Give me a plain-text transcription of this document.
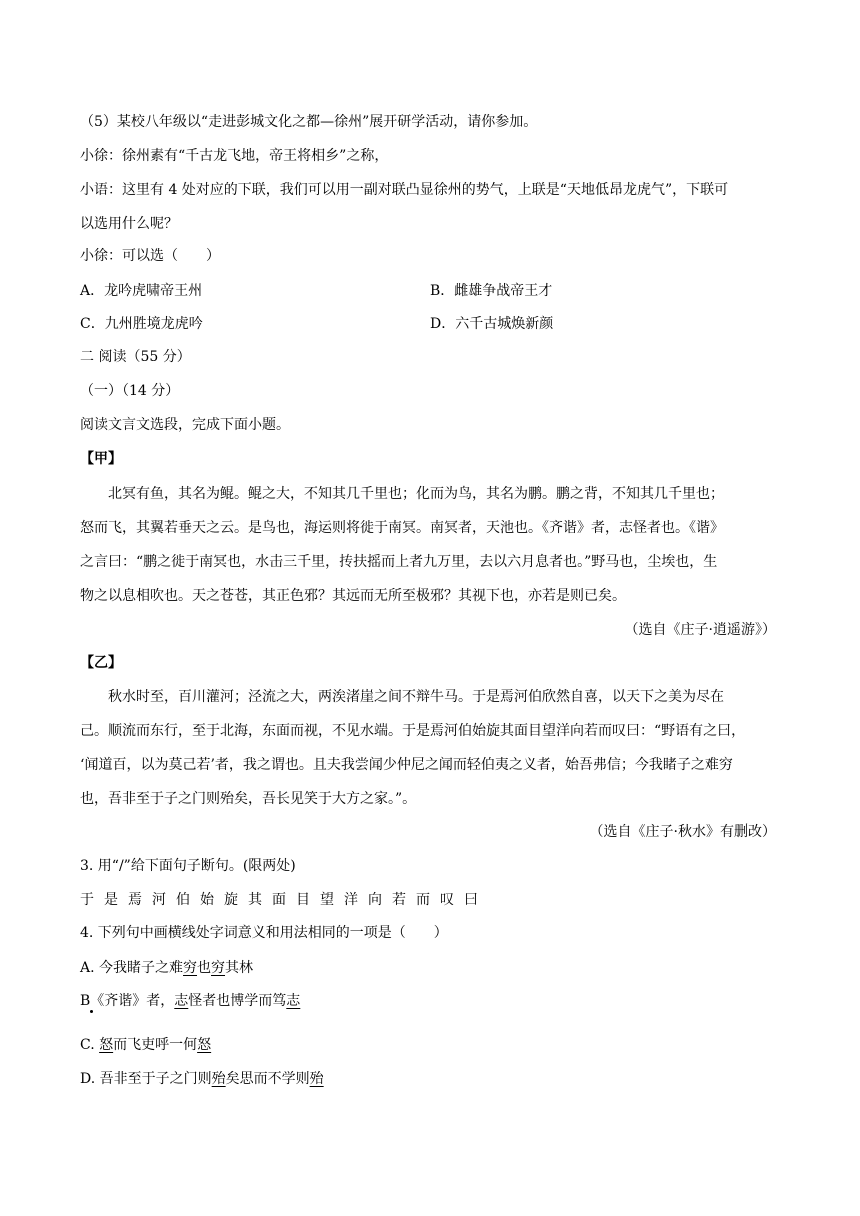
（5）某校八年级以“走进彭城文化之都—徐州”展开研学活动，请你参加。
小徐：徐州素有“千古龙飞地，帝王将相乡”之称，
小语：这里有 4 处对应的下联，我们可以用一副对联凸显徐州的势气，上联是“天地低昂龙虎气”，下联可
以选用什么呢？
小徐：可以选（　　）
A．龙吟虎啸帝王州	B．雌雄争战帝王才
C．九州胜境龙虎吟	D．六千古城焕新颜
二 阅读（55 分）
（一）（14 分）
阅读文言文选段，完成下面小题。
【甲】
北冥有鱼，其名为鲲。鲲之大，不知其几千里也；化而为鸟，其名为鹏。鹏之背，不知其几千里也；
怒而飞，其翼若垂天之云。是鸟也，海运则将徙于南冥。南冥者，天池也。《齐谐》者，志怪者也。《谐》
之言曰：“鹏之徙于南冥也，水击三千里，抟扶摇而上者九万里，去以六月息者也。”野马也，尘埃也，生
物之以息相吹也。天之苍苍，其正色邪？其远而无所至极邪？其视下也，亦若是则已矣。
（选自《庄子·逍遥游》）
【乙】
秋水时至，百川灌河；泾流之大，两涘渚崖之间不辩牛马。于是焉河伯欣然自喜，以天下之美为尽在
己。顺流而东行，至于北海，东面而视，不见水端。于是焉河伯始旋其面目望洋向若而叹曰：“野语有之曰，
‘闻道百，以为莫己若’者，我之谓也。且夫我尝闻少仲尼之闻而轻伯夷之义者，始吾弗信；今我睹子之难穷
也，吾非至于子之门则殆矣，吾长见笑于大方之家。”。
（选自《庄子·秋水》有删改）
3. 用“/”给下面句子断句。(限两处)
于是焉河伯始旋其面目望洋向若而叹曰
4. 下列句中画横线处字词意义和用法相同的一项是（　　）
A. 今我睹子之难穷也穷其林
B《齐谐》者，志怪者也博学而笃志
C. 怒而飞吏呼一何怒
D. 吾非至于子之门则殆矣思而不学则殆
